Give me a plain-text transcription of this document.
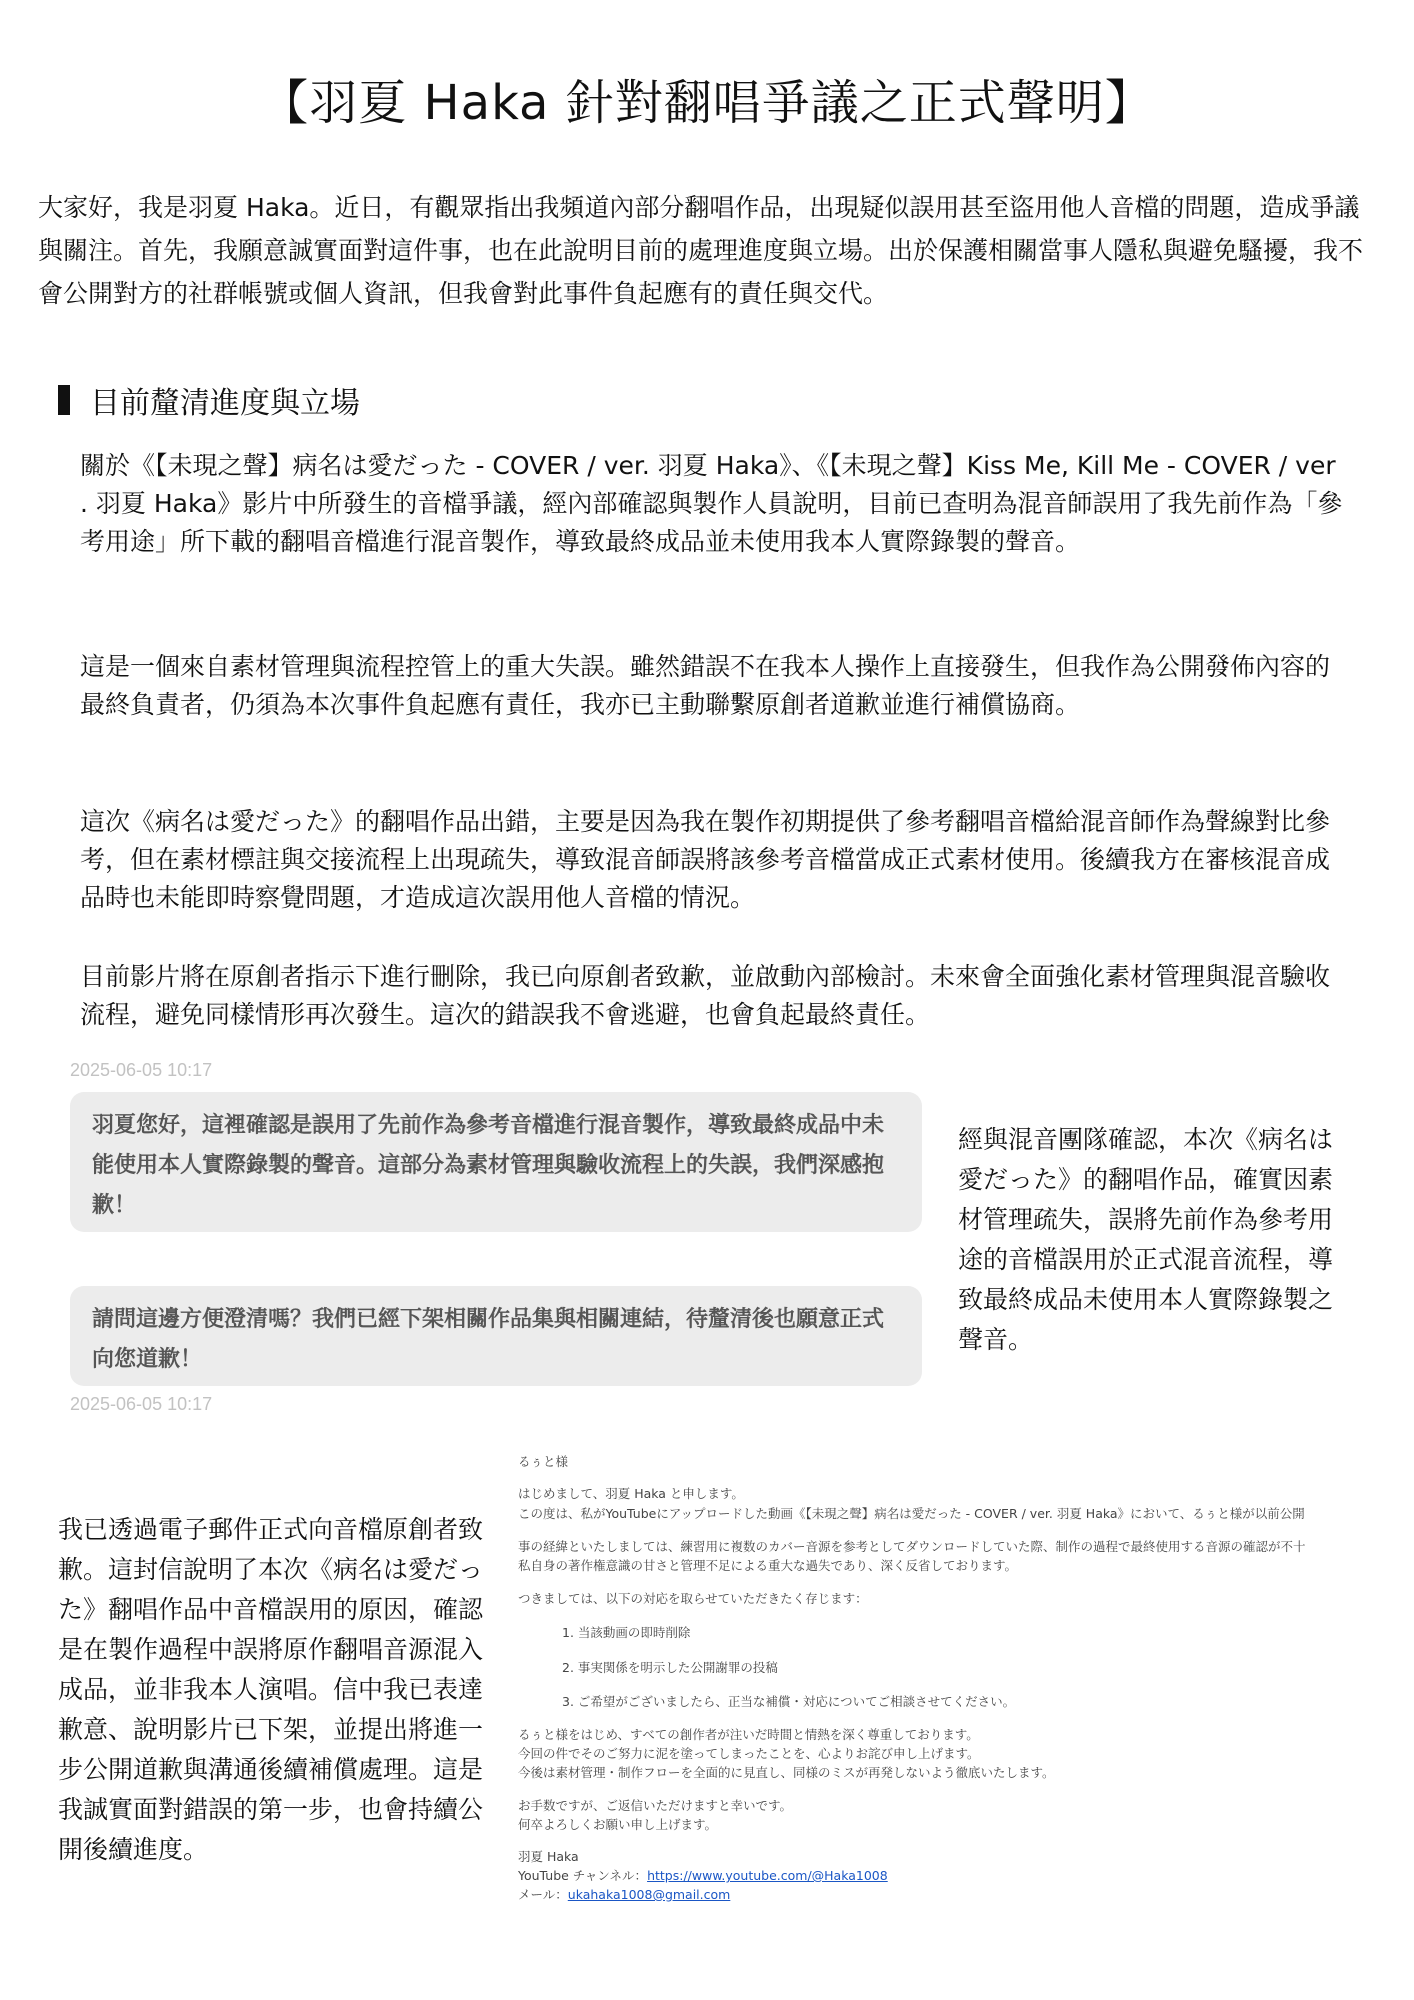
【羽夏 Haka 針對翻唱爭議之正式聲明】
大家好，我是羽夏 Haka。近日，有觀眾指出我頻道內部分翻唱作品，出現疑似誤用甚至盜用他人音檔的問題，造成爭議與關注。首先，我願意誠實面對這件事，也在此說明目前的處理進度與立場。出於保護相關當事人隱私與避免騷擾，我不會公開對方的社群帳號或個人資訊，但我會對此事件負起應有的責任與交代。
目前釐清進度與立場

關於《【未現之聲】病名は愛だった - COVER / ver. 羽夏 Haka》、《【未現之聲】Kiss Me, Kill Me - COVER / ver . 羽夏 Haka》影片中所發生的音檔爭議，經內部確認與製作人員說明，目前已查明為混音師誤用了我先前作為「參考用途」所下載的翻唱音檔進行混音製作，導致最終成品並未使用我本人實際錄製的聲音。

這是一個來自素材管理與流程控管上的重大失誤。雖然錯誤不在我本人操作上直接發生，但我作為公開發佈內容的最終負責者，仍須為本次事件負起應有責任，我亦已主動聯繫原創者道歉並進行補償協商。

這次《病名は愛だった》的翻唱作品出錯，主要是因為我在製作初期提供了參考翻唱音檔給混音師作為聲線對比參考，但在素材標註與交接流程上出現疏失，導致混音師誤將該參考音檔當成正式素材使用。後續我方在審核混音成品時也未能即時察覺問題，才造成這次誤用他人音檔的情況。

目前影片將在原創者指示下進行刪除，我已向原創者致歉，並啟動內部檢討。未來會全面強化素材管理與混音驗收流程，避免同樣情形再次發生。這次的錯誤我不會逃避，也會負起最終責任。

2025-06-05 10:17
羽夏您好，這裡確認是誤用了先前作為參考音檔進行混音製作，導致最終成品中未能使用本人實際錄製的聲音。這部分為素材管理與驗收流程上的失誤，我們深感抱歉！
請問這邊方便澄清嗎？我們已經下架相關作品集與相關連結，待釐清後也願意正式向您道歉！
2025-06-05 10:17
經與混音團隊確認，本次《病名は愛だった》的翻唱作品，確實因素材管理疏失，誤將先前作為參考用途的音檔誤用於正式混音流程，導致最終成品未使用本人實際錄製之聲音。
我已透過電子郵件正式向音檔原創者致歉。這封信說明了本次《病名は愛だった》翻唱作品中音檔誤用的原因，確認是在製作過程中誤將原作翻唱音源混入成品，並非我本人演唱。信中我已表達歉意、說明影片已下架，並提出將進一步公開道歉與溝通後續補償處理。這是我誠實面對錯誤的第一步，也會持續公開後續進度。
るぅと様
はじめまして、羽夏 Haka と申します。
この度は、私がYouTubeにアップロードした動画《【未現之聲】病名は愛だった - COVER / ver. 羽夏 Haka》において、るぅと様が以前公開
事の経緯といたしましては、練習用に複数のカバー音源を参考としてダウンロードしていた際、制作の過程で最終使用する音源の確認が不十
私自身の著作権意識の甘さと管理不足による重大な過失であり、深く反省しております。
つきましては、以下の対応を取らせていただきたく存じます：
1. 当該動画の即時削除
2. 事実関係を明示した公開謝罪の投稿
3. ご希望がございましたら、正当な補償・対応についてご相談させてください。
るぅと様をはじめ、すべての創作者が注いだ時間と情熱を深く尊重しております。
今回の件でそのご努力に泥を塗ってしまったことを、心よりお詫び申し上げます。
今後は素材管理・制作フローを全面的に見直し、同様のミスが再発しないよう徹底いたします。
お手数ですが、ご返信いただけますと幸いです。
何卒よろしくお願い申し上げます。
羽夏 Haka
YouTube チャンネル：https://www.youtube.com/@Haka1008
メール：ukahaka1008@gmail.com
